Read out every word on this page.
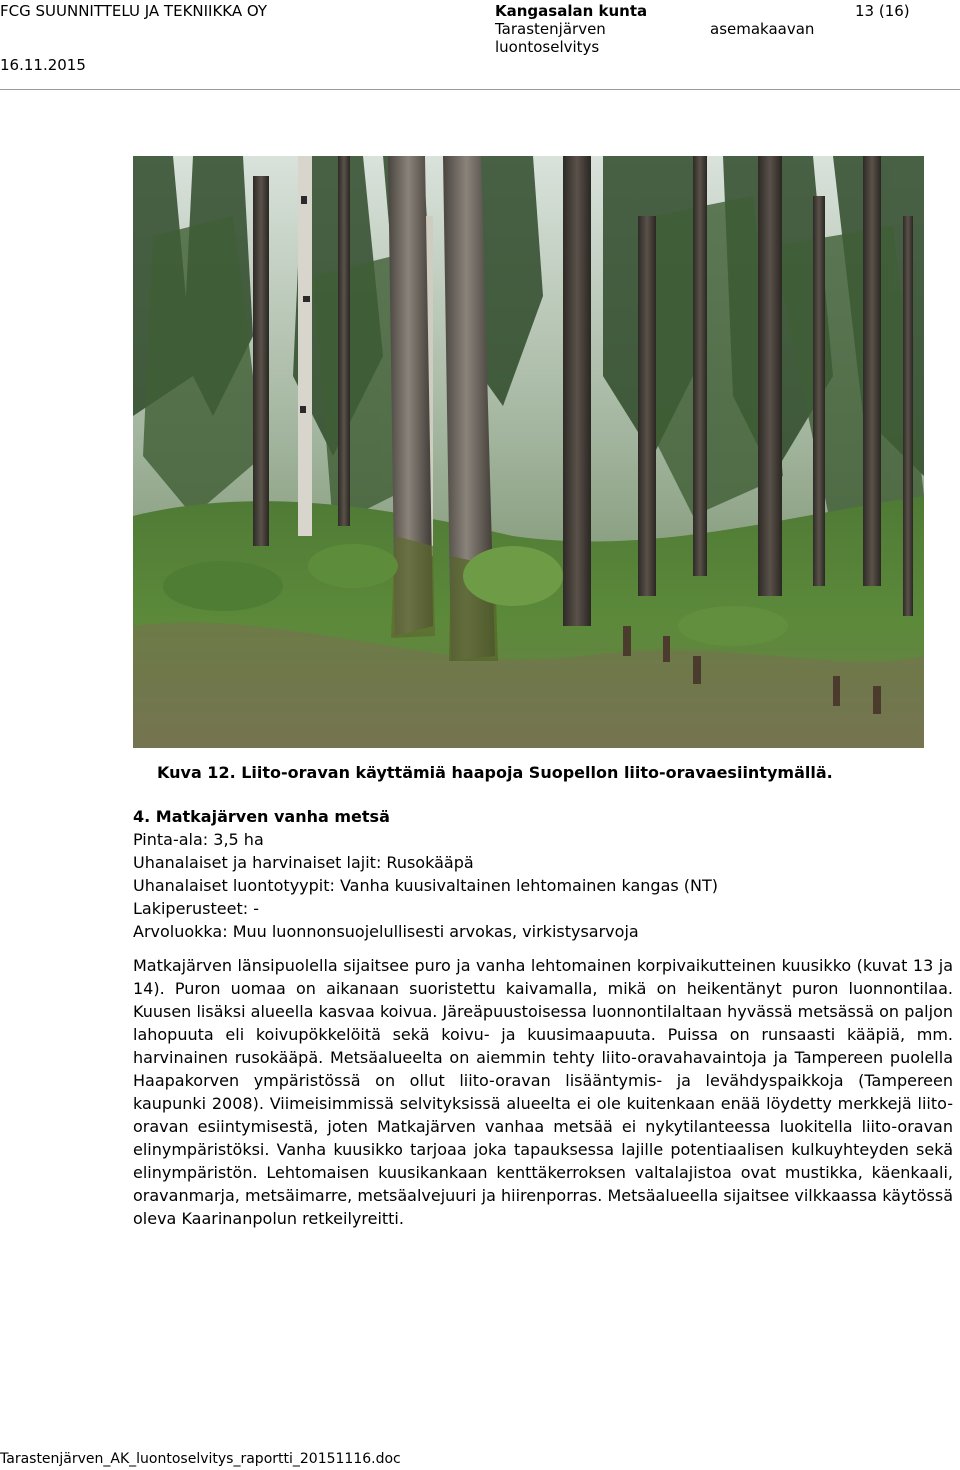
FCG SUUNNITTELU JA TEKNIIKKA OY	Kangasalan kunta	13 (16)
Tarastenjärven	asemakaavan
luontoselvitys
16.11.2015
Kuva 12. Liito-oravan käyttämiä haapoja Suopellon liito-oravaesiintymällä.
4. Matkajärven vanha metsä
Pinta-ala: 3,5 ha
Uhanalaiset ja harvinaiset lajit: Rusokääpä
Uhanalaiset luontotyypit: Vanha kuusivaltainen lehtomainen kangas (NT)
Lakiperusteet: -
Arvoluokka: Muu luonnonsuojelullisesti arvokas, virkistysarvoja
Matkajärven länsipuolella sijaitsee puro ja vanha lehtomainen korpivaikutteinen kuusikko (kuvat 13 ja 14). Puron uomaa on aikanaan suoristettu kaivamalla, mikä on heikentänyt puron luonnontilaa. Kuusen lisäksi alueella kasvaa koivua. Järeäpuustoisessa luonnontilaltaan hyvässä metsässä on paljon lahopuuta eli koivupökkelöitä sekä koivu- ja kuusimaapuuta. Puissa on runsaasti kääpiä, mm. harvinainen rusokääpä. Metsäalueelta on aiemmin tehty liito-oravahavaintoja ja Tampereen puolella Haapakorven ympäristössä on ollut liito-oravan lisääntymis- ja levähdyspaikkoja (Tampereen kaupunki 2008). Viimeisimmissä selvityksissä alueelta ei ole kuitenkaan enää löydetty merkkejä liito-oravan esiintymisestä, joten Matkajärven vanhaa metsää ei nykytilanteessa luokitella liito-oravan elinympäristöksi. Vanha kuusikko tarjoaa joka tapauksessa lajille potentiaalisen kulkuyhteyden sekä elinympäristön. Lehtomaisen kuusikankaan kenttäkerroksen valtalajistoa ovat mustikka, käenkaali, oravanmarja, metsäimarre, metsäalvejuuri ja hiirenporras. Metsäalueella sijaitsee vilkkaassa käytössä oleva Kaarinanpolun retkeilyreitti.
Tarastenjärven_AK_luontoselvitys_raportti_20151116.doc
